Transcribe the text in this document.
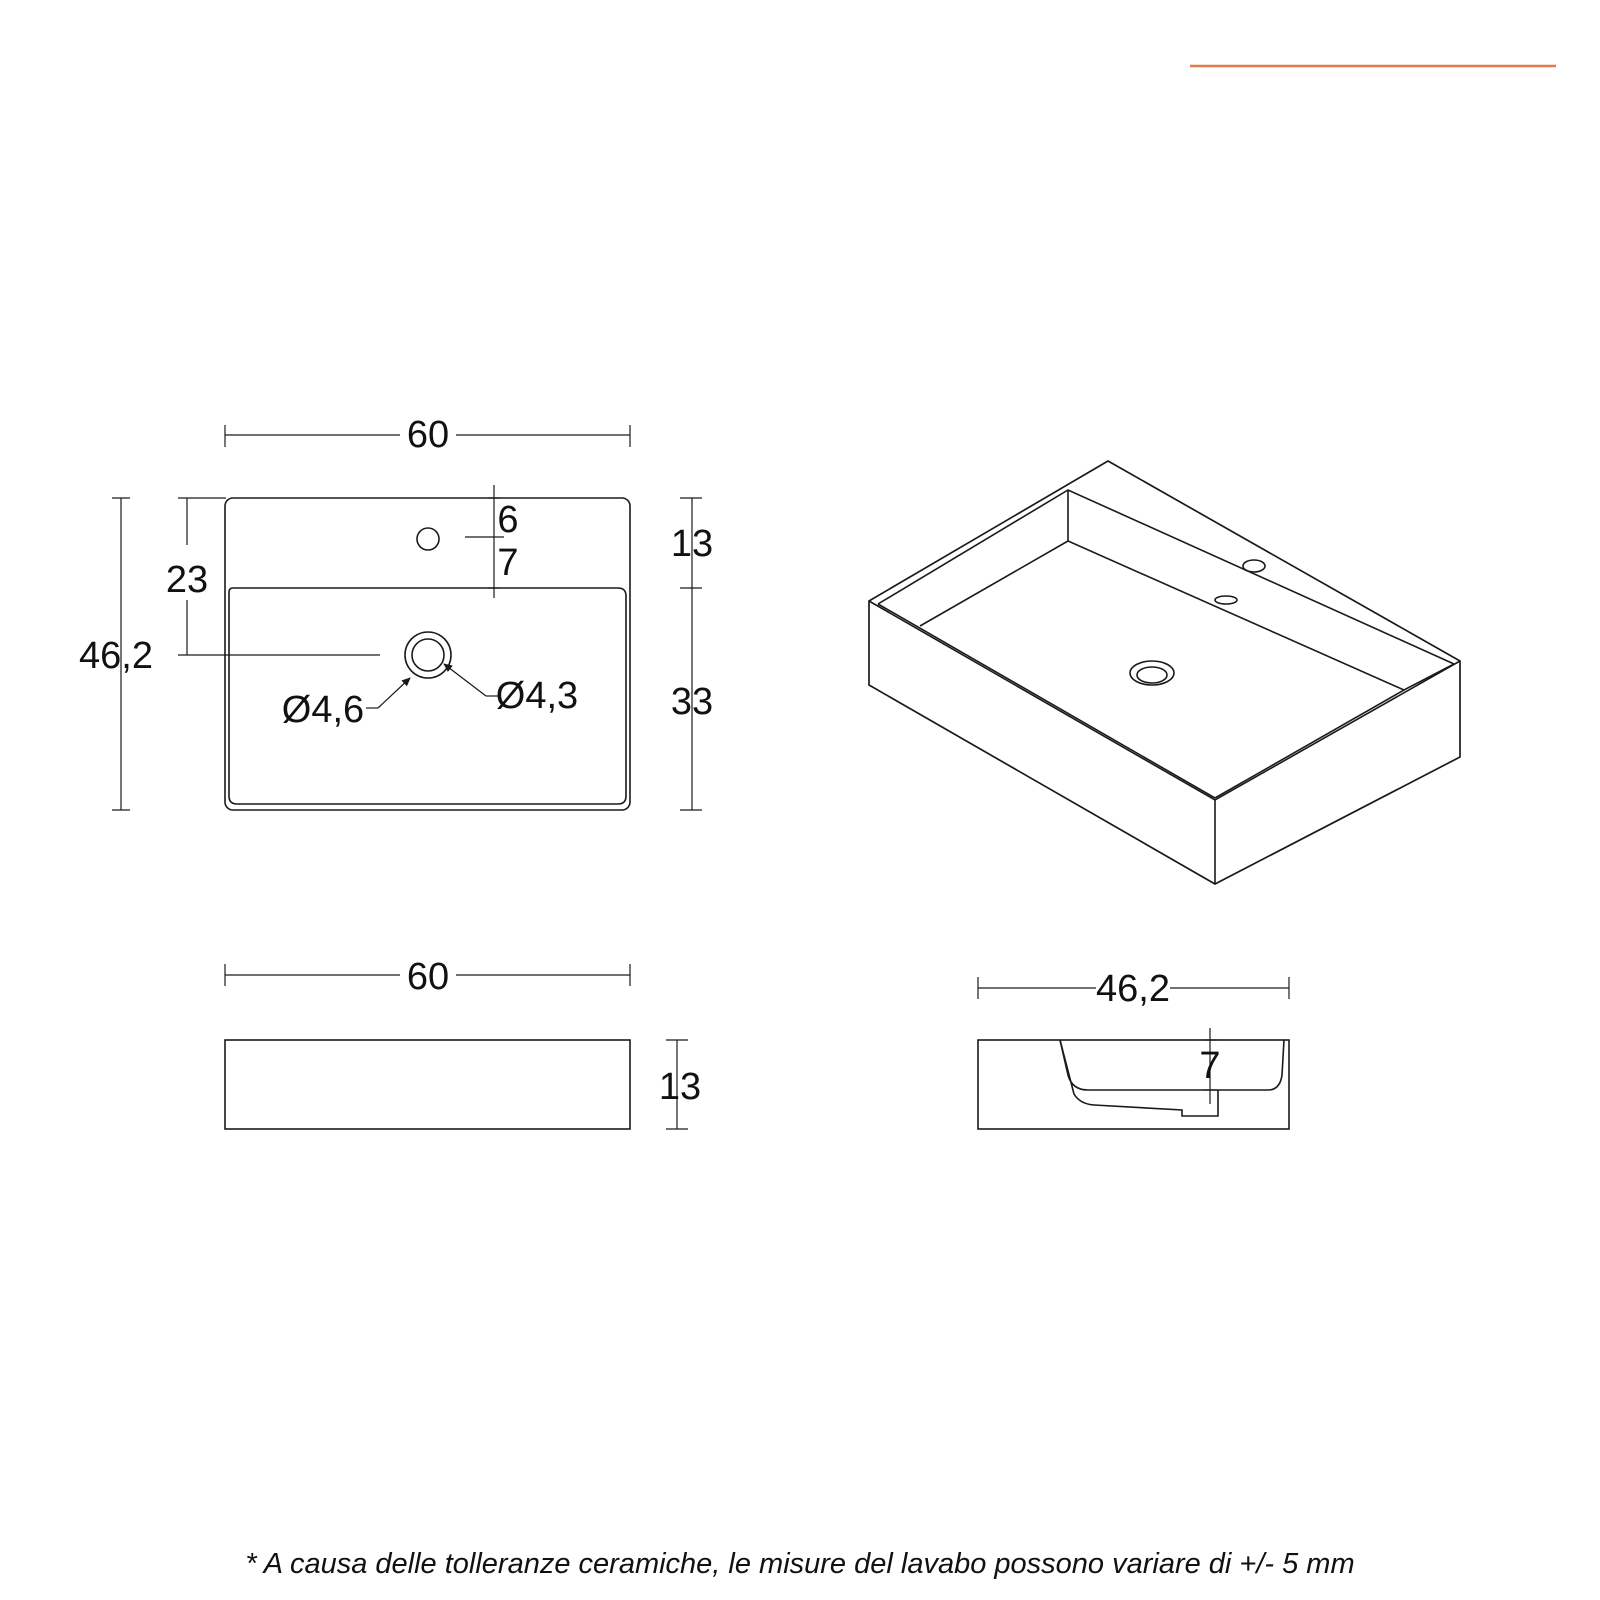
60
46,2
23
6
7	13
33
Ø4,6	Ø4,3
60
13
46,2
7
* A causa delle tolleranze ceramiche, le misure del lavabo possono variare di +/- 5 mm
